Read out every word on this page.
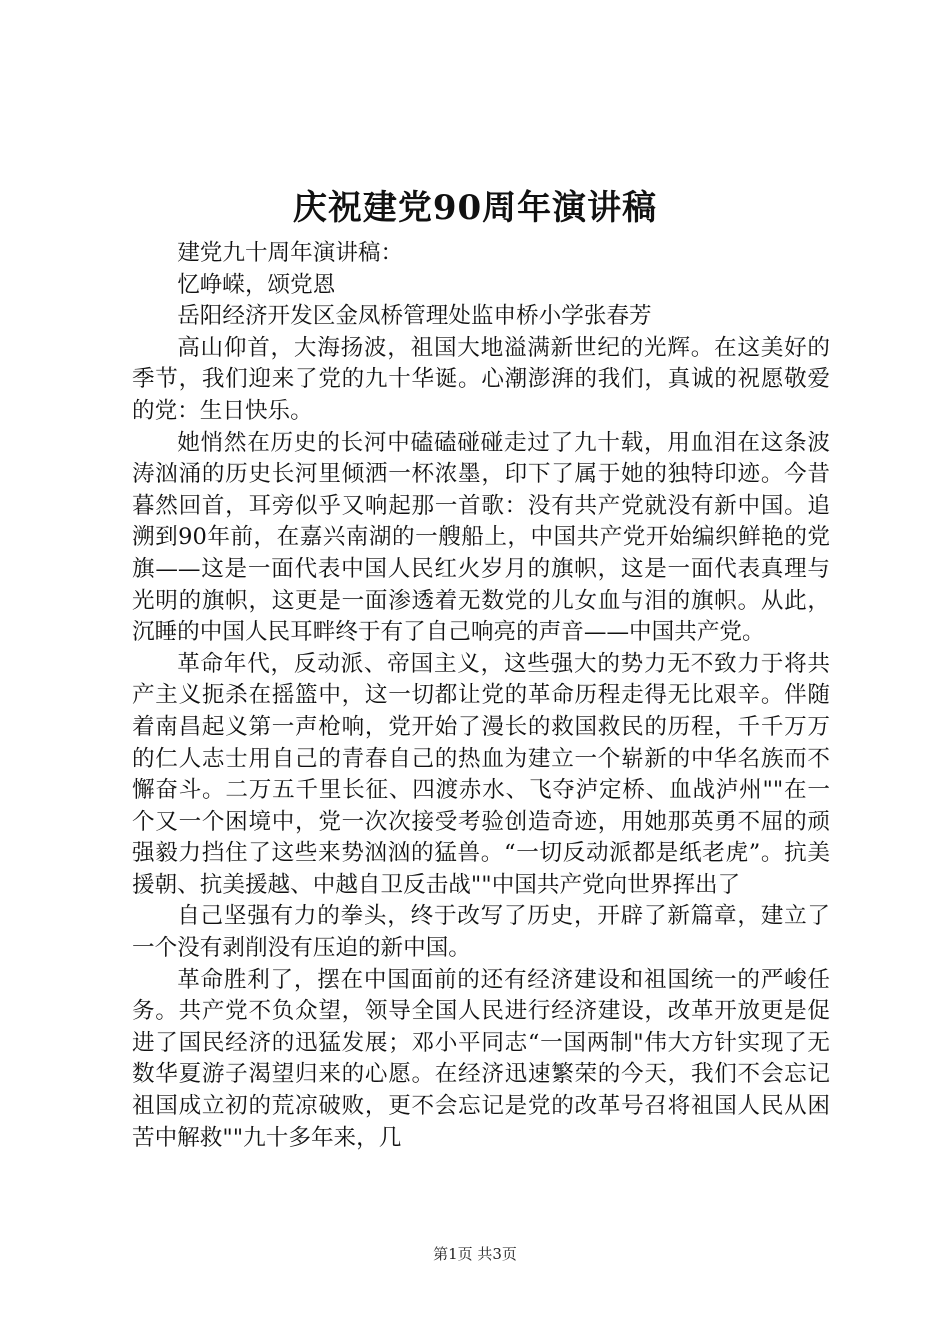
庆祝建党90周年演讲稿

建党九十周年演讲稿：

忆峥嵘，颂党恩

岳阳经济开发区金凤桥管理处监申桥小学张春芳

高山仰首，大海扬波，祖国大地溢满新世纪的光辉。在这美好的季节，我们迎来了党的九十华诞。心潮澎湃的我们，真诚的祝愿敬爱的党：生日快乐。

她悄然在历史的长河中磕磕碰碰走过了九十载，用血泪在这条波涛汹涌的历史长河里倾洒一杯浓墨，印下了属于她的独特印迹。今昔暮然回首，耳旁似乎又响起那一首歌：没有共产党就没有新中国。追溯到90年前，在嘉兴南湖的一艘船上，中国共产党开始编织鲜艳的党旗——这是一面代表中国人民红火岁月的旗帜，这是一面代表真理与光明的旗帜，这更是一面渗透着无数党的儿女血与泪的旗帜。从此，沉睡的中国人民耳畔终于有了自己响亮的声音——中国共产党。

革命年代，反动派、帝国主义，这些强大的势力无不致力于将共产主义扼杀在摇篮中，这一切都让党的革命历程走得无比艰辛。伴随着南昌起义第一声枪响，党开始了漫长的救国救民的历程，千千万万的仁人志士用自己的青春自己的热血为建立一个崭新的中华名族而不懈奋斗。二万五千里长征、四渡赤水、飞夺泸定桥、血战泸州""在一个又一个困境中，党一次次接受考验创造奇迹，用她那英勇不屈的顽强毅力挡住了这些来势汹汹的猛兽。“一切反动派都是纸老虎”。抗美援朝、抗美援越、中越自卫反击战""中国共产党向世界挥出了

自己坚强有力的拳头，终于改写了历史，开辟了新篇章，建立了一个没有剥削没有压迫的新中国。

革命胜利了，摆在中国面前的还有经济建设和祖国统一的严峻任务。共产党不负众望，领导全国人民进行经济建设，改革开放更是促进了国民经济的迅猛发展；邓小平同志“一国两制"伟大方针实现了无数华夏游子渴望归来的心愿。在经济迅速繁荣的今天，我们不会忘记祖国成立初的荒凉破败，更不会忘记是党的改革号召将祖国人民从困苦中解救""九十多年来，几

第1页 共3页
